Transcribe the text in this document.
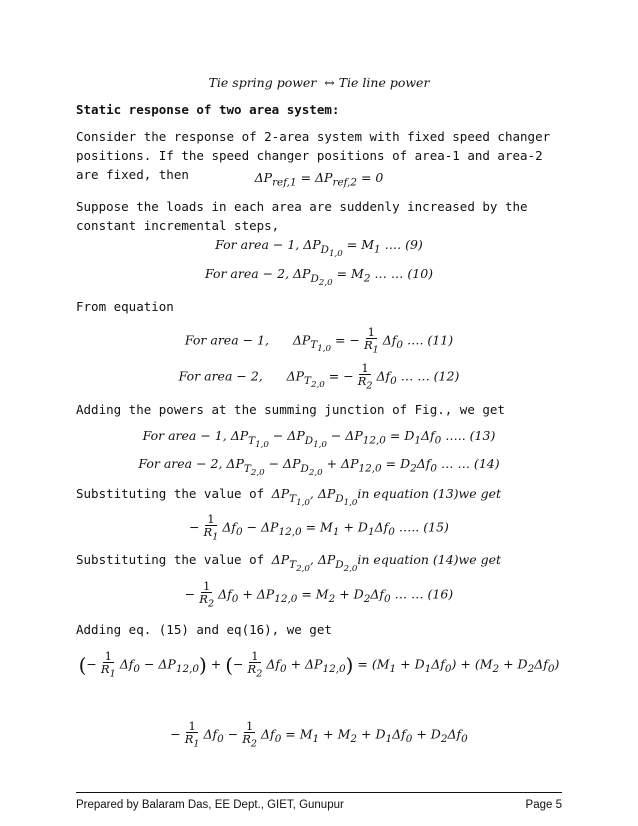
Tie spring power  ↔ Tie line power
Static response of two area system:
Consider the response of 2-area system with fixed speed changer positions. If the speed changer positions of area-1 and area-2 are fixed, then	$\Delta P_{ref,1} = \Delta P_{ref,2} = 0$
Suppose the loads in each area are suddenly increased by the constant incremental steps,
For area − 1, $\Delta P_{D_{1,0}} = M_1$ …. (9)
For area − 2, $\Delta P_{D_{2,0}} = M_2$ … … (10)
From equation
For area − 1,      $\Delta P_{T_{1,0}}$ = − $\frac{1}{R_1} \Delta f_0$ …. (11)
For area − 2,      $\Delta P_{T_{2,0}}$ = − $\frac{1}{R_2} \Delta f_0$ … … (12)
Adding the powers at the summing junction of Fig., we get
For area − 1, $\Delta P_{T_{1,0}} - \Delta P_{D_{1,0}} - \Delta P_{12,0} = D_1\Delta f_0$ ….. (13)
For area − 2, $\Delta P_{T_{2,0}} - \Delta P_{D_{2,0}} + \Delta P_{12,0} = D_2\Delta f_0$ … … (14)
Substituting the value of $\Delta P_{T_{1,0}}$, $\Delta P_{D_{1,0}}in$ equation (13)we get
− $\frac{1}{R_1} \Delta f_0 - \Delta P_{12,0} = M_1 + D_1\Delta f_0$ ….. (15)
Substituting the value of $\Delta P_{T_{2,0}}$, $\Delta P_{D_{2,0}}in$ equation (14)we get
− $\frac{1}{R_2} \Delta f_0 + \Delta P_{12,0} = M_2 + D_2\Delta f_0$ … … (16)
Adding eq. (15) and eq(16), we get
(− $\frac{1}{R_1} \Delta f_0 - \Delta P_{12,0}$) + (− $\frac{1}{R_2} \Delta f_0 + \Delta P_{12,0}) = (M_1 + D_1\Delta f_0) + (M_2 + D_2\Delta f_0)$
− $\frac{1}{R_1} \Delta f_0 - \frac{1}{R_2} \Delta f_0 = M_1 + M_2 + D_1\Delta f_0 + D_2\Delta f_0$
Prepared by Balaram Das, EE Dept., GIET, Gunupur	Page 5
